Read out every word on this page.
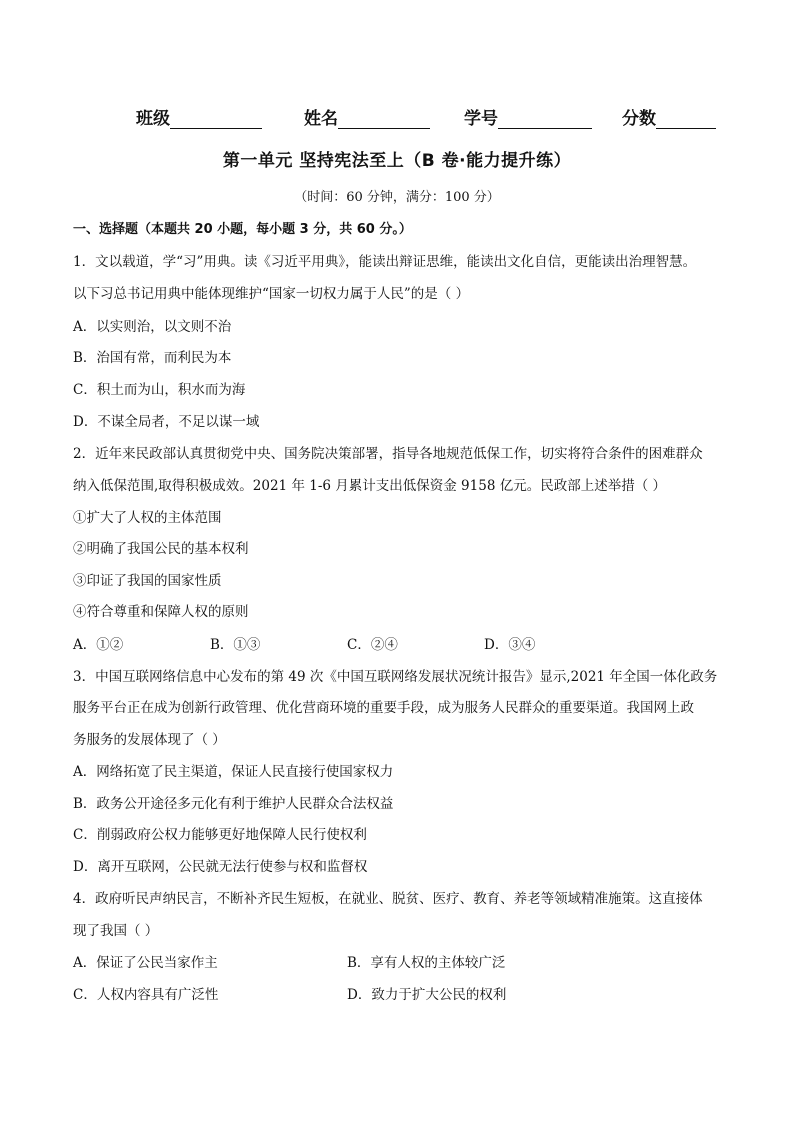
班级	姓名	学号	分数
第一单元 坚持宪法至上（B 卷·能力提升练）
（时间：60 分钟，满分：100 分）
一、选择题（本题共 20 小题，每小题 3 分，共 60 分。）
1．文以载道，学“习”用典。读《习近平用典》，能读出辩证思维，能读出文化自信，更能读出治理智慧。
以下习总书记用典中能体现维护“国家一切权力属于人民”的是（ ）
A．以实则治，以文则不治
B．治国有常，而利民为本
C．积土而为山，积水而为海
D．不谋全局者，不足以谋一域
2．近年来民政部认真贯彻党中央、国务院决策部署，指导各地规范低保工作，切实将符合条件的困难群众
纳入低保范围,取得积极成效。2021 年 1-6 月累计支出低保资金 9158 亿元。民政部上述举措（ ）
①扩大了人权的主体范围
②明确了我国公民的基本权利
③印证了我国的国家性质
④符合尊重和保障人权的原则
A．①②	B．①③	C．②④	D．③④
3．中国互联网络信息中心发布的第 49 次《中国互联网络发展状况统计报告》显示,2021 年全国一体化政务
服务平台正在成为创新行政管理、优化营商环境的重要手段，成为服务人民群众的重要渠道。我国网上政
务服务的发展体现了（ ）
A．网络拓宽了民主渠道，保证人民直接行使国家权力
B．政务公开途径多元化有利于维护人民群众合法权益
C．削弱政府公权力能够更好地保障人民行使权利
D．离开互联网，公民就无法行使参与权和监督权
4．政府听民声纳民言，不断补齐民生短板，在就业、脱贫、医疗、教育、养老等领域精准施策。这直接体
现了我国（ ）
A．保证了公民当家作主	B．享有人权的主体较广泛
C．人权内容具有广泛性	D．致力于扩大公民的权利
